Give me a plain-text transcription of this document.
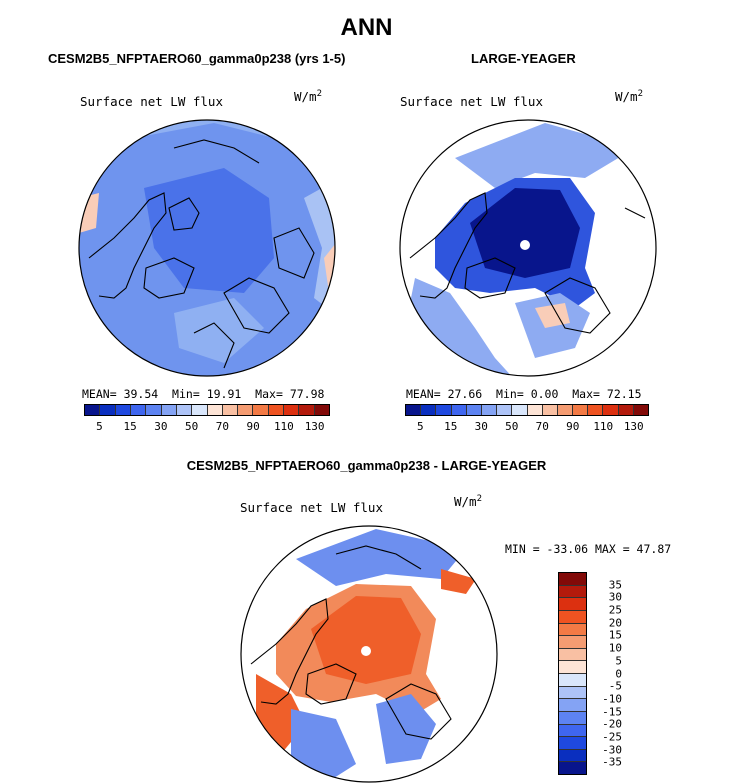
ANN
CESM2B5_NFPTAERO60_gamma0p238 (yrs 1-5)
Surface net LW flux	$W/m^2$
MEAN= 39.54 Min= 19.91 Max= 77.98
5 15 30 50 70 90 110 130
LARGE-YEAGER
Surface net LW flux	$W/m^2$
MEAN= 27.66 Min= 0.00 Max= 72.15
5 15 30 50 70 90 110 130
CESM2B5_NFPTAERO60_gamma0p238 - LARGE-YEAGER
Surface net LW flux	$W/m^2$
MIN = -33.06 MAX = 47.87
35
30
25
20
15
10
5
0
-5
-10
-15
-20
-25
-30
-35
